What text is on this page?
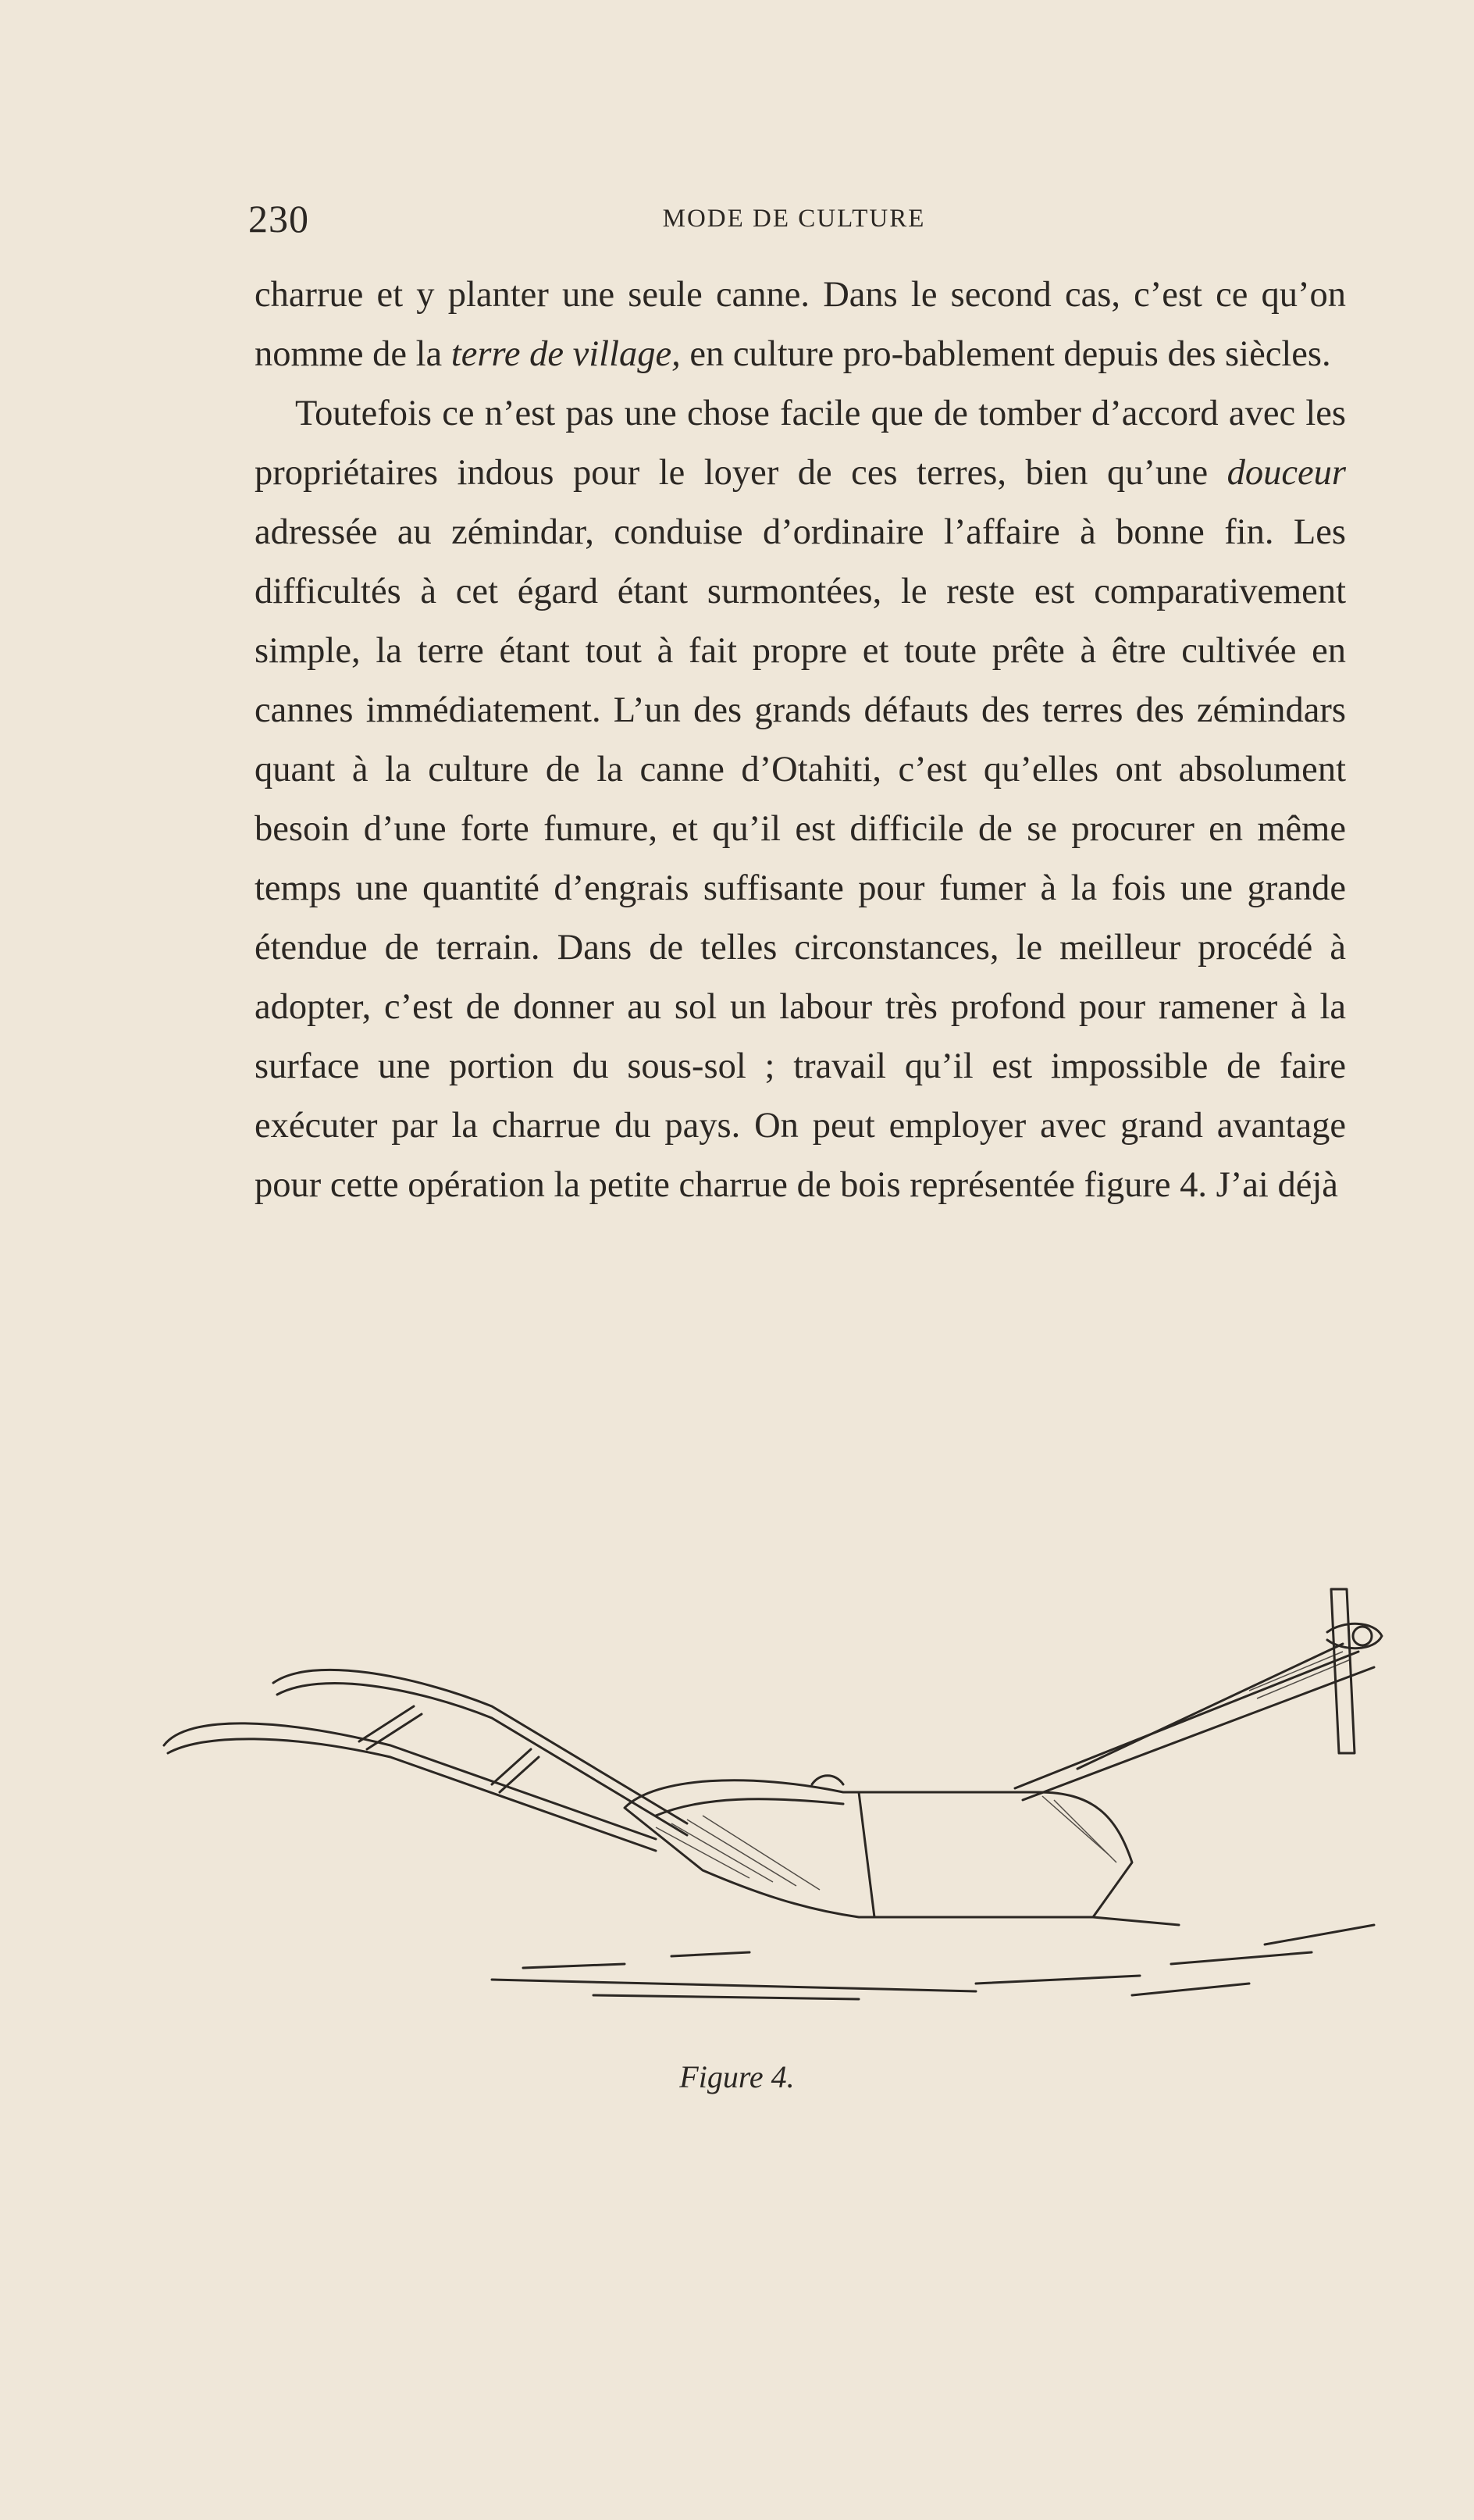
230	MODE DE CULTURE

charrue et y planter une seule canne. Dans le second cas, c’est ce qu’on nomme de la terre de village, en culture pro-bablement depuis des siècles.

Toutefois ce n’est pas une chose facile que de tomber d’accord avec les propriétaires indous pour le loyer de ces terres, bien qu’une douceur adressée au zémindar, conduise d’ordinaire l’affaire à bonne fin. Les difficultés à cet égard étant surmontées, le reste est comparativement simple, la terre étant tout à fait propre et toute prête à être cultivée en cannes immédiatement. L’un des grands défauts des terres des zémindars quant à la culture de la canne d’Otahiti, c’est qu’elles ont absolument besoin d’une forte fumure, et qu’il est difficile de se procurer en même temps une quantité d’engrais suffisante pour fumer à la fois une grande étendue de terrain. Dans de telles circonstances, le meilleur procédé à adopter, c’est de donner au sol un labour très profond pour ramener à la surface une portion du sous-sol ; travail qu’il est impossible de faire exécuter par la charrue du pays. On peut employer avec grand avantage pour cette opération la petite charrue de bois représentée figure 4. J’ai déjà

Figure 4.
